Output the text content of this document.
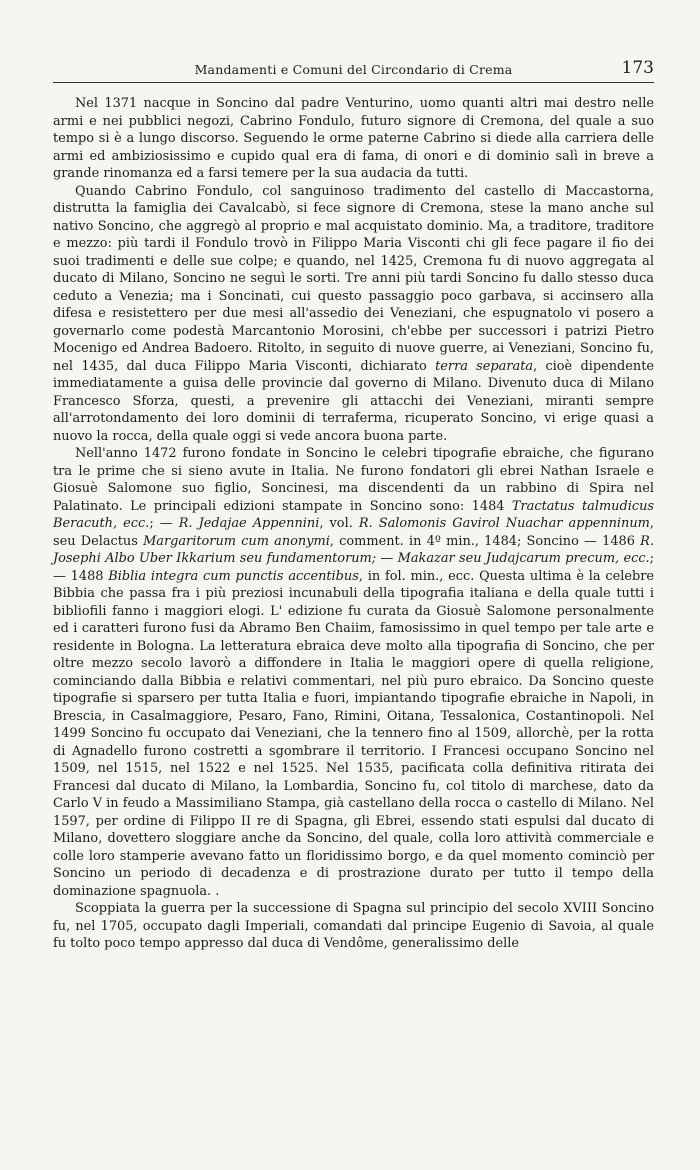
Mandamenti e Comuni del Circondario di Crema	173

Nel 1371 nacque in Soncino dal padre Venturino, uomo quanti altri mai destro nelle armi e nei pubblici negozi, Cabrino Fondulo, futuro signore di Cremona, del quale a suo tempo si è a lungo discorso. Seguendo le orme paterne Cabrino si diede alla carriera delle armi ed ambiziosissimo e cupido qual era di fama, di onori e di dominio salì in breve a grande rinomanza ed a farsi temere per la sua audacia da tutti.

Quando Cabrino Fondulo, col sanguinoso tradimento del castello di Maccastorna, distrutta la famiglia dei Cavalcabò, si fece signore di Cremona, stese la mano anche sul nativo Soncino, che aggregò al proprio e mal acquistato dominio. Ma, a traditore, traditore e mezzo: più tardi il Fondulo trovò in Filippo Maria Visconti chi gli fece pagare il fio dei suoi tradimenti e delle sue colpe; e quando, nel 1425, Cremona fu di nuovo aggregata al ducato di Milano, Soncino ne seguì le sorti. Tre anni più tardi Soncino fu dallo stesso duca ceduto a Venezia; ma i Soncinati, cui questo passaggio poco garbava, si accinsero alla difesa e resistettero per due mesi all'assedio dei Veneziani, che espugnatolo vi posero a governarlo come podestà Marcantonio Morosini, ch'ebbe per successori i patrizi Pietro Mocenigo ed Andrea Badoero. Ritolto, in seguito di nuove guerre, ai Veneziani, Soncino fu, nel 1435, dal duca Filippo Maria Visconti, dichiarato terra separata, cioè dipendente immediatamente a guisa delle provincie dal governo di Milano. Divenuto duca di Milano Francesco Sforza, questi, a prevenire gli attacchi dei Veneziani, miranti sempre all'arrotondamento dei loro dominii di terraferma, ricuperato Soncino, vi erige quasi a nuovo la rocca, della quale oggi si vede ancora buona parte.

Nell'anno 1472 furono fondate in Soncino le celebri tipografie ebraiche, che figurano tra le prime che si sieno avute in Italia. Ne furono fondatori gli ebrei Nathan Israele e Giosuè Salomone suo figlio, Soncinesi, ma discendenti da un rabbino di Spira nel Palatinato. Le principali edizioni stampate in Soncino sono: 1484 Tractatus talmudicus Beracuth, ecc.; — R. Jedajae Appennini, vol. R. Salomonis Gavirol Nuachar appenninum, seu Delactus Margaritorum cum anonymi, comment. in 4º min., 1484; Soncino — 1486 R. Josephi Albo Uber Ikkarium seu fundamentorum; — Makazar seu Judajcarum precum, ecc.; — 1488 Biblia integra cum punctis accentibus, in fol. min., ecc. Questa ultima è la celebre Bibbia che passa fra i più preziosi incunabuli della tipografia italiana e della quale tutti i bibliofili fanno i maggiori elogi. L' edizione fu curata da Giosuè Salomone personalmente ed i caratteri furono fusi da Abramo Ben Chaiim, famosissimo in quel tempo per tale arte e residente in Bologna. La letteratura ebraica deve molto alla tipografia di Soncino, che per oltre mezzo secolo lavorò a diffondere in Italia le maggiori opere di quella religione, cominciando dalla Bibbia e relativi commentari, nel più puro ebraico. Da Soncino queste tipografie si sparsero per tutta Italia e fuori, impiantando tipografie ebraiche in Napoli, in Brescia, in Casalmaggiore, Pesaro, Fano, Rimini, Oitana, Tessalonica, Costantinopoli. Nel 1499 Soncino fu occupato dai Veneziani, che la tennero fino al 1509, allorchè, per la rotta di Agnadello furono costretti a sgombrare il territorio. I Francesi occupano Soncino nel 1509, nel 1515, nel 1522 e nel 1525. Nel 1535, pacificata colla definitiva ritirata dei Francesi dal ducato di Milano, la Lombardia, Soncino fu, col titolo di marchese, dato da Carlo V in feudo a Massimiliano Stampa, già castellano della rocca o castello di Milano. Nel 1597, per ordine di Filippo II re di Spagna, gli Ebrei, essendo stati espulsi dal ducato di Milano, dovettero sloggiare anche da Soncino, del quale, colla loro attività commerciale e colle loro stamperie avevano fatto un floridissimo borgo, e da quel momento cominciò per Soncino un periodo di decadenza e di prostrazione durato per tutto il tempo della dominazione spagnuola. .

Scoppiata la guerra per la successione di Spagna sul principio del secolo XVIII Soncino fu, nel 1705, occupato dagli Imperiali, comandati dal principe Eugenio di Savoia, al quale fu tolto poco tempo appresso dal duca di Vendôme, generalissimo delle
